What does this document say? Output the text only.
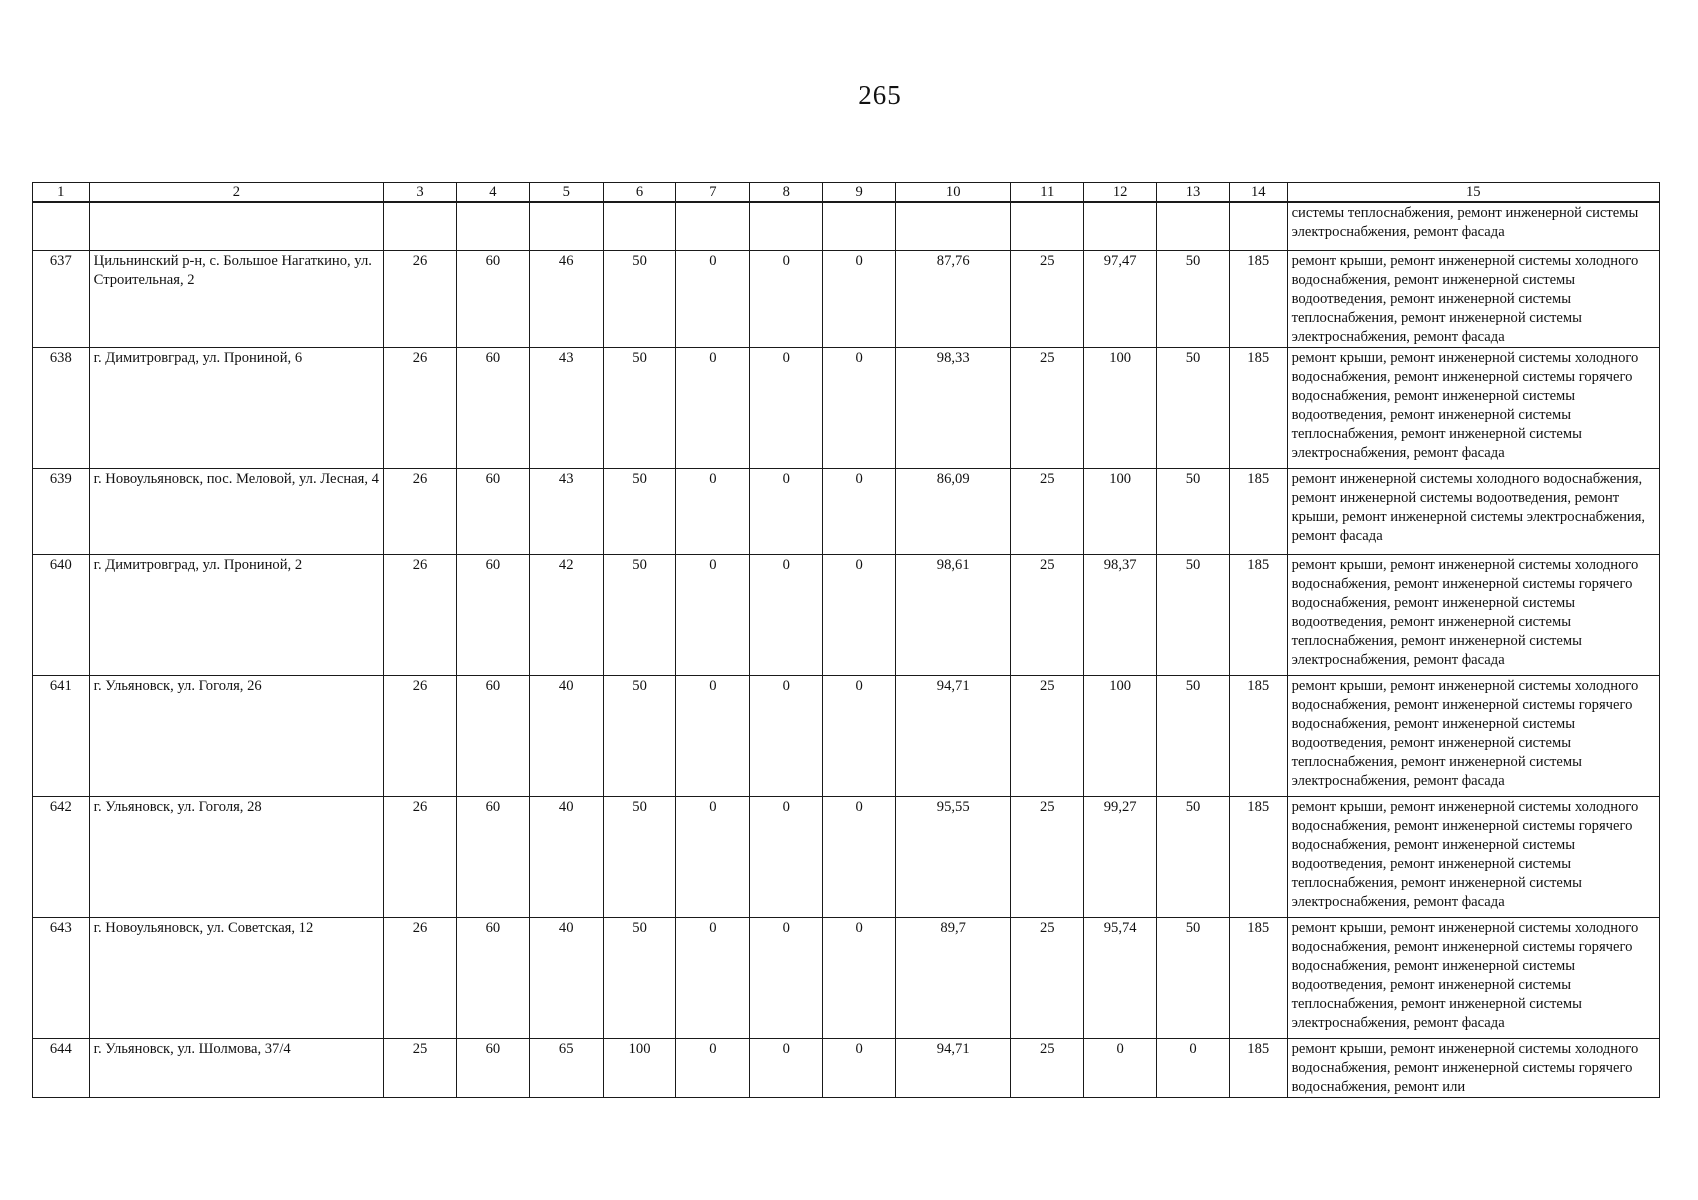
265
1	2	3	4	5	6	7	8	9	10	11	12	13	14	15
														системы теплоснабжения, ремонт инженерной системы электроснабжения, ремонт фасада
637	Цильнинский р-н, с. Большое Нагаткино, ул. Строительная, 2	26	60	46	50	0	0	0	87,76	25	97,47	50	185	ремонт крыши, ремонт инженерной системы холодного водоснабжения, ремонт инженерной системы водоотведения, ремонт инженерной системы теплоснабжения, ремонт инженерной системы электроснабжения, ремонт фасада
638	г. Димитровград, ул. Прониной, 6	26	60	43	50	0	0	0	98,33	25	100	50	185	ремонт крыши, ремонт инженерной системы холодного водоснабжения, ремонт инженерной системы горячего водоснабжения, ремонт инженерной системы водоотведения, ремонт инженерной системы теплоснабжения, ремонт инженерной системы электроснабжения, ремонт фасада
639	г. Новоульяновск, пос. Меловой, ул. Лесная, 4	26	60	43	50	0	0	0	86,09	25	100	50	185	ремонт инженерной системы холодного водоснабжения, ремонт инженерной системы водоотведения, ремонт крыши, ремонт инженерной системы электроснабжения, ремонт фасада
640	г. Димитровград, ул. Прониной, 2	26	60	42	50	0	0	0	98,61	25	98,37	50	185	ремонт крыши, ремонт инженерной системы холодного водоснабжения, ремонт инженерной системы горячего водоснабжения, ремонт инженерной системы водоотведения, ремонт инженерной системы теплоснабжения, ремонт инженерной системы электроснабжения, ремонт фасада
641	г. Ульяновск, ул. Гоголя, 26	26	60	40	50	0	0	0	94,71	25	100	50	185	ремонт крыши, ремонт инженерной системы холодного водоснабжения, ремонт инженерной системы горячего водоснабжения, ремонт инженерной системы водоотведения, ремонт инженерной системы теплоснабжения, ремонт инженерной системы электроснабжения, ремонт фасада
642	г. Ульяновск, ул. Гоголя, 28	26	60	40	50	0	0	0	95,55	25	99,27	50	185	ремонт крыши, ремонт инженерной системы холодного водоснабжения, ремонт инженерной системы горячего водоснабжения, ремонт инженерной системы водоотведения, ремонт инженерной системы теплоснабжения, ремонт инженерной системы электроснабжения, ремонт фасада
643	г. Новоульяновск, ул. Советская, 12	26	60	40	50	0	0	0	89,7	25	95,74	50	185	ремонт крыши, ремонт инженерной системы холодного водоснабжения, ремонт инженерной системы горячего водоснабжения, ремонт инженерной системы водоотведения, ремонт инженерной системы теплоснабжения, ремонт инженерной системы электроснабжения, ремонт фасада
644	г. Ульяновск, ул. Шолмова, 37/4	25	60	65	100	0	0	0	94,71	25	0	0	185	ремонт крыши, ремонт инженерной системы холодного водоснабжения, ремонт инженерной системы горячего водоснабжения, ремонт или
